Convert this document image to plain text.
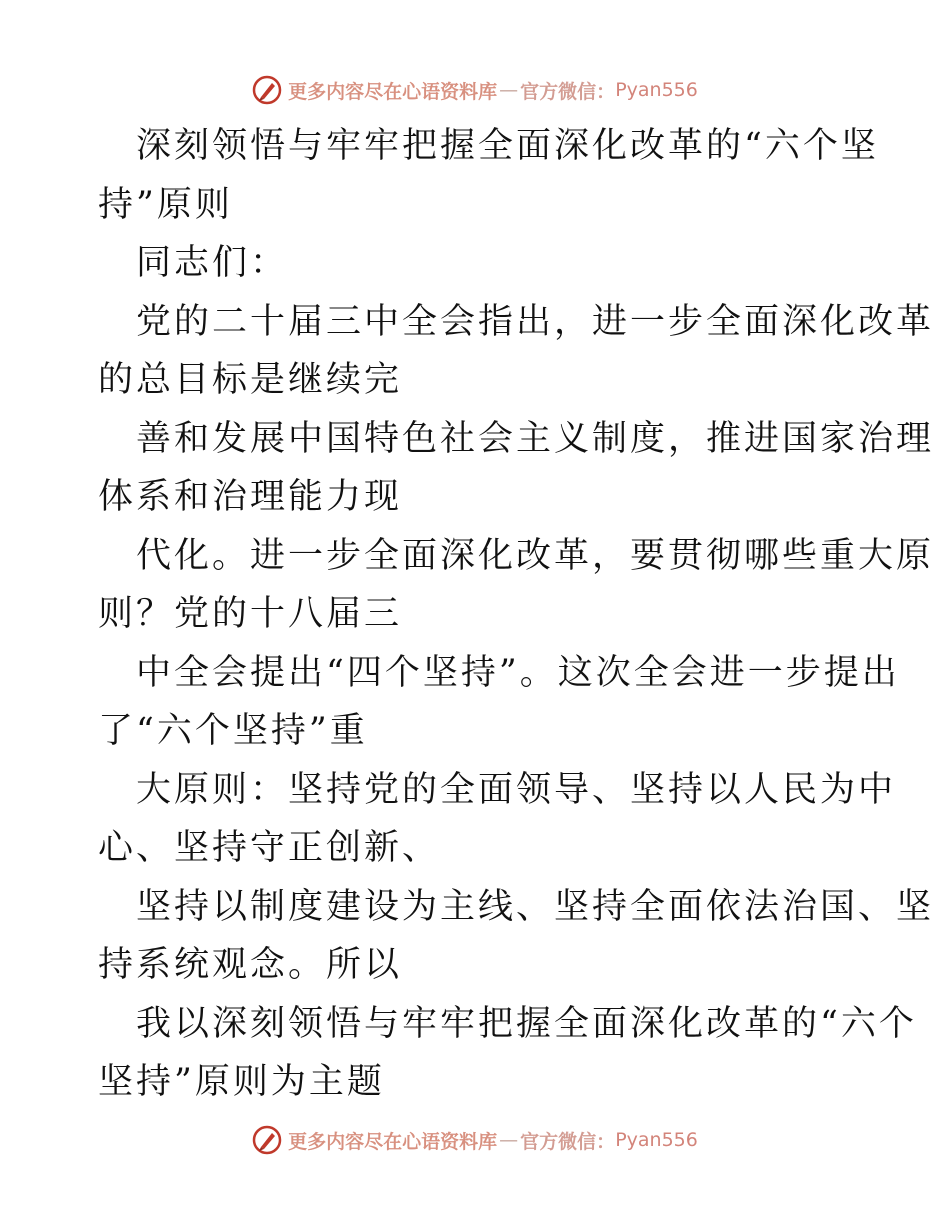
更多内容尽在心语资料库 — 官方微信： Pyan556
深刻领悟与牢牢把握全面深化改革的“六个坚
持”原则
同志们：
党的二十届三中全会指出，进一步全面深化改革
的总目标是继续完
善和发展中国特色社会主义制度，推进国家治理
体系和治理能力现
代化。进一步全面深化改革，要贯彻哪些重大原
则？党的十八届三
中全会提出“四个坚持”。这次全会进一步提出
了“六个坚持”重
大原则：坚持党的全面领导、坚持以人民为中
心、坚持守正创新、
坚持以制度建设为主线、坚持全面依法治国、坚
持系统观念。所以
我以深刻领悟与牢牢把握全面深化改革的“六个
坚持”原则为主题
更多内容尽在心语资料库 — 官方微信： Pyan556
